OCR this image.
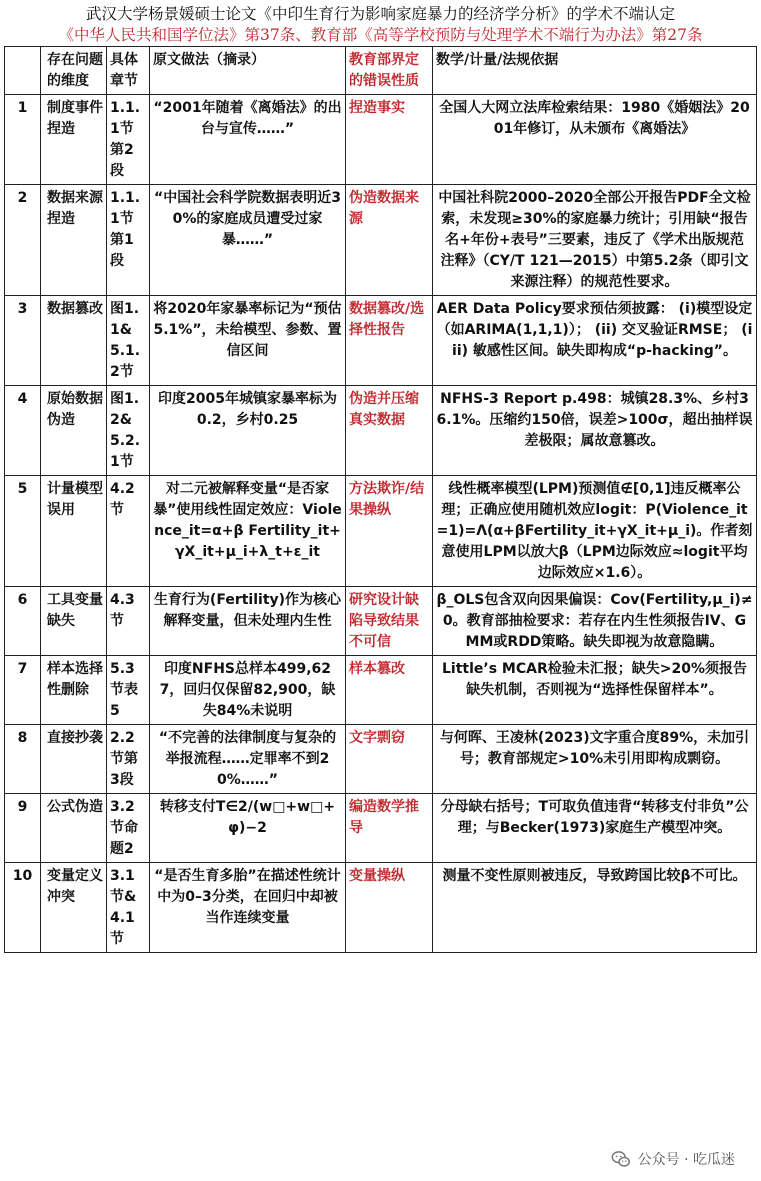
武汉大学杨景媛硕士论文《中印生育行为影响家庭暴力的经济学分析》的学术不端认定
《中华人民共和国学位法》第37条、教育部《高等学校预防与处理学术不端行为办法》第27条
	存在问题的维度	具体章节	原文做法（摘录）	教育部界定的错误性质	数学/计量/法规依据
1	制度事件捏造	1.1.1节第2段	“2001年随着《离婚法》的出台与宣传……”	捏造事实	全国人大网立法库检索结果：1980《婚姻法》2001年修订，从未颁布《离婚法》
2	数据来源捏造	1.1.1节第1段	“中国社会科学院数据表明近30%的家庭成员遭受过家暴……”	伪造数据来源	中国社科院2000–2020全部公开报告PDF全文检索，未发现≥30%的家庭暴力统计；引用缺“报告名+年份+表号”三要素，违反了《学术出版规范 注释》（CY/T 121—2015）中第5.2条（即引文来源注释）的规范性要求。
3	数据篡改	图1.1&5.1.2节	将2020年家暴率标记为“预估5.1%”，未给模型、参数、置信区间	数据篡改/选择性报告	AER Data Policy要求预估须披露： (i)模型设定（如ARIMA(1,1,1)）； (ii) 交叉验证RMSE； (iii) 敏感性区间。缺失即构成“p-hacking”。
4	原始数据伪造	图1.2&5.2.1节	印度2005年城镇家暴率标为0.2，乡村0.25	伪造并压缩真实数据	NFHS-3 Report p.498：城镇28.3%、乡村36.1%。压缩约150倍，误差>100σ，超出抽样误差极限；属故意篡改。
5	计量模型误用	4.2节	对二元被解释变量“是否家暴”使用线性固定效应：Violence_it=α+β Fertility_it+γX_it+μ_i+λ_t+ε_it	方法欺诈/结果操纵	线性概率模型(LPM)预测值∉[0,1]违反概率公理；正确应使用随机效应logit：P(Violence_it=1)=Λ(α+βFertility_it+γX_it+μ_i)。作者刻意使用LPM以放大β（LPM边际效应≈logit平均边际效应×1.6）。
6	工具变量缺失	4.3节	生育行为(Fertility)作为核心解释变量，但未处理内生性	研究设计缺陷导致结果不可信	β_OLS包含双向因果偏误：Cov(Fertility,μ_i)≠0。教育部抽检要求：若存在内生性须报告IV、GMM或RDD策略。缺失即视为故意隐瞒。
7	样本选择性删除	5.3节表5	印度NFHS总样本499,627，回归仅保留82,900，缺失84%未说明	样本篡改	Little’s MCAR检验未汇报；缺失>20%须报告缺失机制，否则视为“选择性保留样本”。
8	直接抄袭	2.2节第3段	“不完善的法律制度与复杂的举报流程……定罪率不到20%……”	文字剽窃	与何晖、王凌林(2023)文字重合度89%，未加引号；教育部规定>10%未引用即构成剽窃。
9	公式伪造	3.2节命题2	转移支付T∈2/(w□+w□+φ)−2	编造数学推导	分母缺右括号；T可取负值违背“转移支付非负”公理；与Becker(1973)家庭生产模型冲突。
10	变量定义冲突	3.1节&4.1节	“是否生育多胎”在描述性统计中为0–3分类，在回归中却被当作连续变量	变量操纵	测量不变性原则被违反，导致跨国比较β不可比。
公众号 · 吃瓜迷
